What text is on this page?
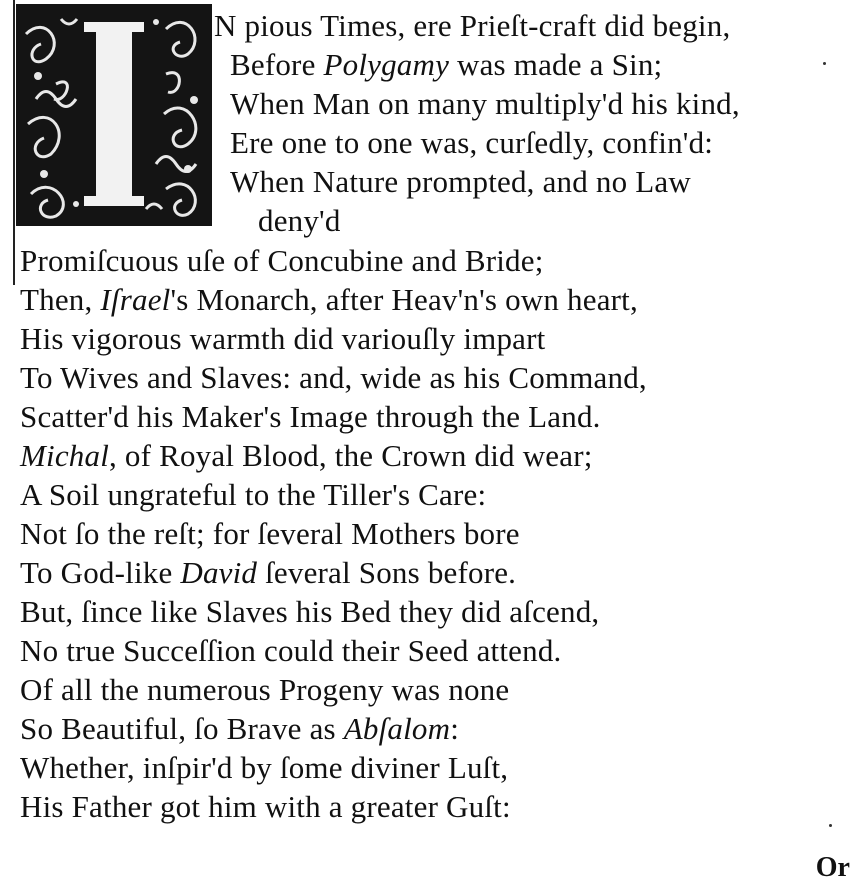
N pious Times, ere Prieſt-craft did begin,
Before Polygamy was made a Sin;
When Man on many multiply'd his kind,
Ere one to one was, curſedly, confin'd:
When Nature prompted, and no Law
deny'd
Promiſcuous uſe of Concubine and Bride;
Then, Iſrael's Monarch, after Heav'n's own heart,
His vigorous warmth did variouſly impart
To Wives and Slaves: and, wide as his Command,
Scatter'd his Maker's Image through the Land.
Michal, of Royal Blood, the Crown did wear;
A Soil ungrateful to the Tiller's Care:
Not ſo the reſt; for ſeveral Mothers bore
To God-like David ſeveral Sons before.
But, ſince like Slaves his Bed they did aſcend,
No true Succeſſion could their Seed attend.
Of all the numerous Progeny was none
So Beautiful, ſo Brave as Abſalom:
Whether, inſpir'd by ſome diviner Luſt,
His Father got him with a greater Guſt:
Or
